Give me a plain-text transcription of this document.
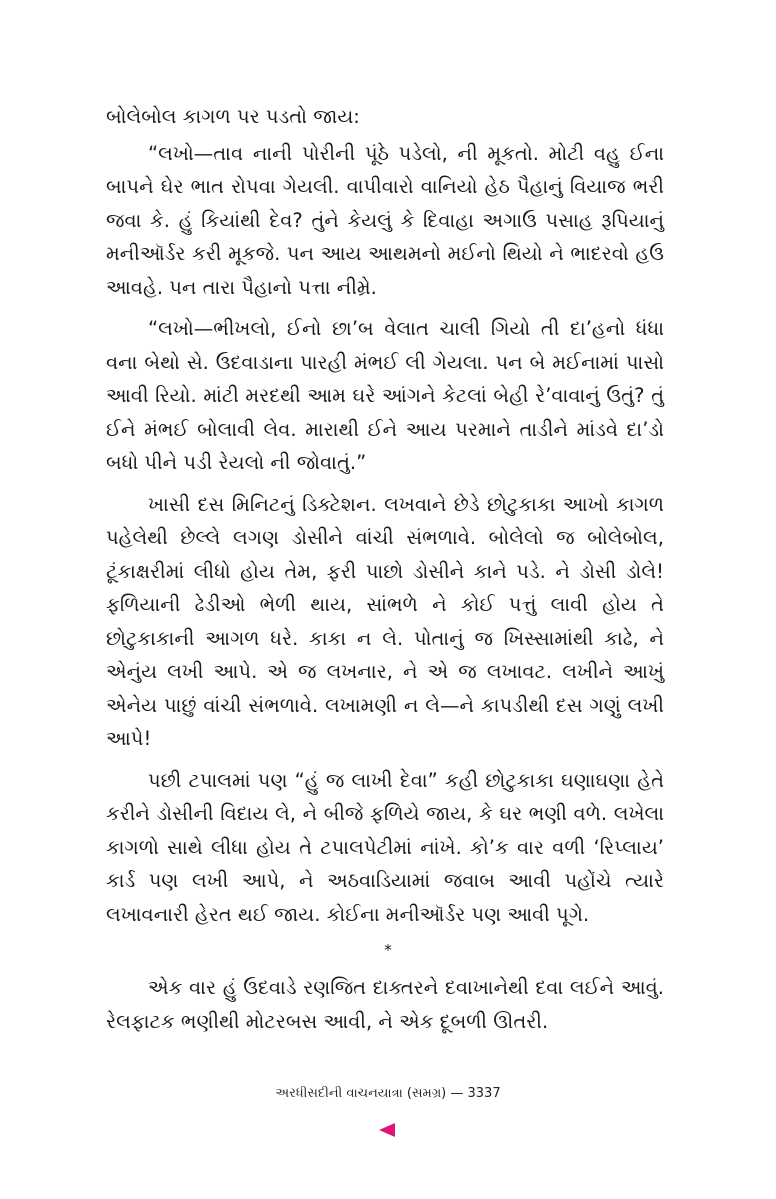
બોલેબોલ કાગળ પર પડતો જાય:

“લખો—તાવ નાની પોરીની પૂંઠે પડેલો, ની મૂકતો. મોટી વહુ ઈના બાપને ઘેર ભાત રોપવા ગેયલી. વાપીવારો વાનિયો હેઠ પૈહાનું વિયાજ ભરી જવા કે. હું કિયાંથી દેવ? તુંને કેયલું કે દિવાહા અગાઉ પસાહ રૂપિયાનું મનીઑર્ડર કરી મૂકજે. પન આય આથમનો મઈનો થિયો ને ભાદરવો હઉ આવહે. પન તારા પૈહાનો પત્તા નીમ્રે.

“લખો—ભીખલો, ઈનો છા’બ વેલાત ચાલી ગિયો તી દા’હનો ધંધા વના બેથો સે. ઉદવાડાના પારહી મંભઈ લી ગેયલા. પન બે મઈનામાં પાસો આવી રિયો. માંટી મરદથી આમ ઘરે આંગને કેટલાં બેહી રે’વાવાનું ઉતું? તું ઈને મંભઈ બોલાવી લેવ. મારાથી ઈને આય પરમાને તાડીને માંડવે દા’ડો બધો પીને પડી રેયલો ની જોવાતું.”

ખાસી દસ મિનિટનું ડિક્ટેશન. લખવાને છેડે છોટુકાકા આખો કાગળ પહેલેથી છેલ્લે લગણ ડોસીને વાંચી સંભળાવે. બોલેલો જ બોલેબોલ, ટૂંકાક્ષરીમાં લીધો હોય તેમ, ફરી પાછો ડોસીને કાને પડે. ને ડોસી ડોલે! ફળિયાની ઢેડીઓ ભેળી થાય, સાંભળે ને કોઈ પત્તું લાવી હોય તે છોટુકાકાની આગળ ધરે. કાકા ન લે. પોતાનું જ ખિસ્સામાંથી કાઢે, ને એનુંય લખી આપે. એ જ લખનાર, ને એ જ લખાવટ. લખીને આખું એનેય પાછું વાંચી સંભળાવે. લખામણી ન લે—ને કાપડીથી દસ ગણું લખી આપે!

પછી ટપાલમાં પણ “હું જ લાખી દેવા” કહી છોટુકાકા ઘણાઘણા હેતે કરીને ડોસીની વિદાય લે, ને બીજે ફળિયે જાય, કે ઘર ભણી વળે. લખેલા કાગળો સાથે લીધા હોય તે ટપાલપેટીમાં નાંખે. કો’ક વાર વળી ‘રિપ્લાય’ કાર્ડ પણ લખી આપે, ને અઠવાડિયામાં જવાબ આવી પહોંચે ત્યારે લખાવનારી હેરત થઈ જાય. કોઈના મનીઑર્ડર પણ આવી પૂગે.

*

એક વાર હું ઉદવાડે રણજિત દાક્તરને દવાખાનેથી દવા લઈને આવું. રેલફાટક ભણીથી મોટરબસ આવી, ને એક દૂબળી ઊતરી.

અરધીસદીની વાચનયાત્રા (સમગ્ર) — 3337
